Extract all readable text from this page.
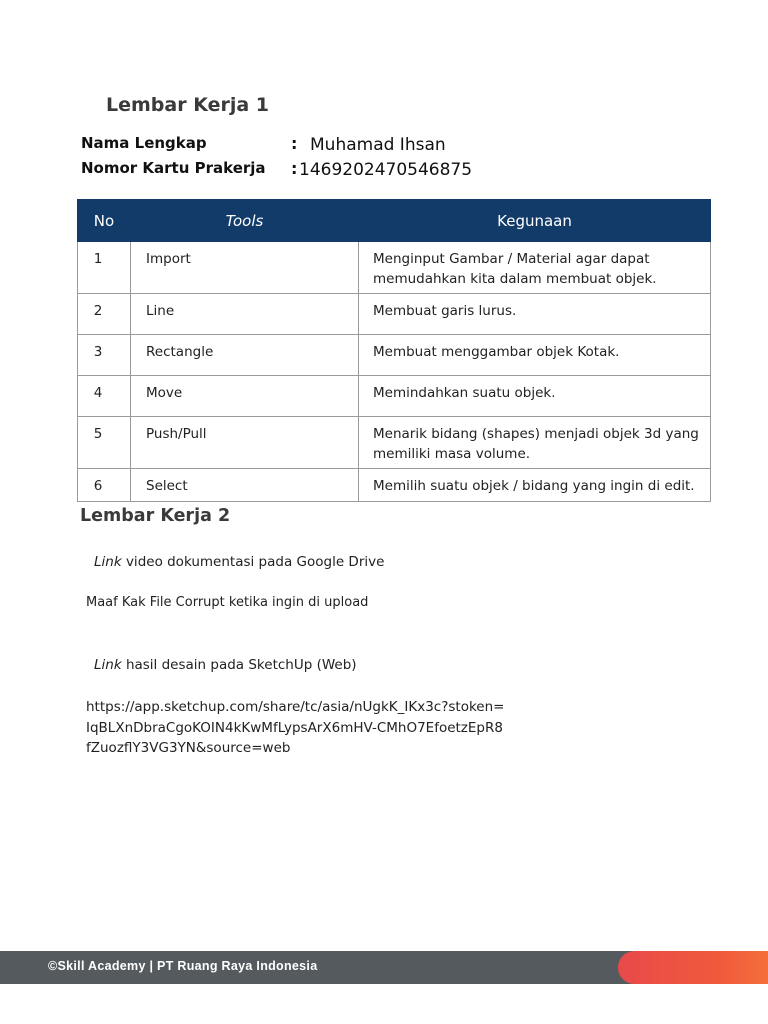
Lembar Kerja 1
Nama Lengkap	: Muhamad Ihsan
Nomor Kartu Prakerja : 1469202470546875
No	Tools	Kegunaan
1	Import	Menginput Gambar / Material agar dapat memudahkan kita dalam membuat objek.
2	Line	Membuat garis lurus.
3	Rectangle	Membuat menggambar objek Kotak.
4	Move	Memindahkan suatu objek.
5	Push/Pull	Menarik bidang (shapes) menjadi objek 3d yang memiliki masa volume.
6	Select	Memilih suatu objek / bidang yang ingin di edit.
Lembar Kerja 2
Link video dokumentasi pada Google Drive
Maaf Kak File Corrupt ketika ingin di upload
Link hasil desain pada SketchUp (Web)
https://app.sketchup.com/share/tc/asia/nUgkK_IKx3c?stoken=IqBLXnDbraCgoKOIN4kKwMfLypsArX6mHV-CMhO7EfoetzEpR8fZuozflY3VG3YN&source=web
©Skill Academy | PT Ruang Raya Indonesia
